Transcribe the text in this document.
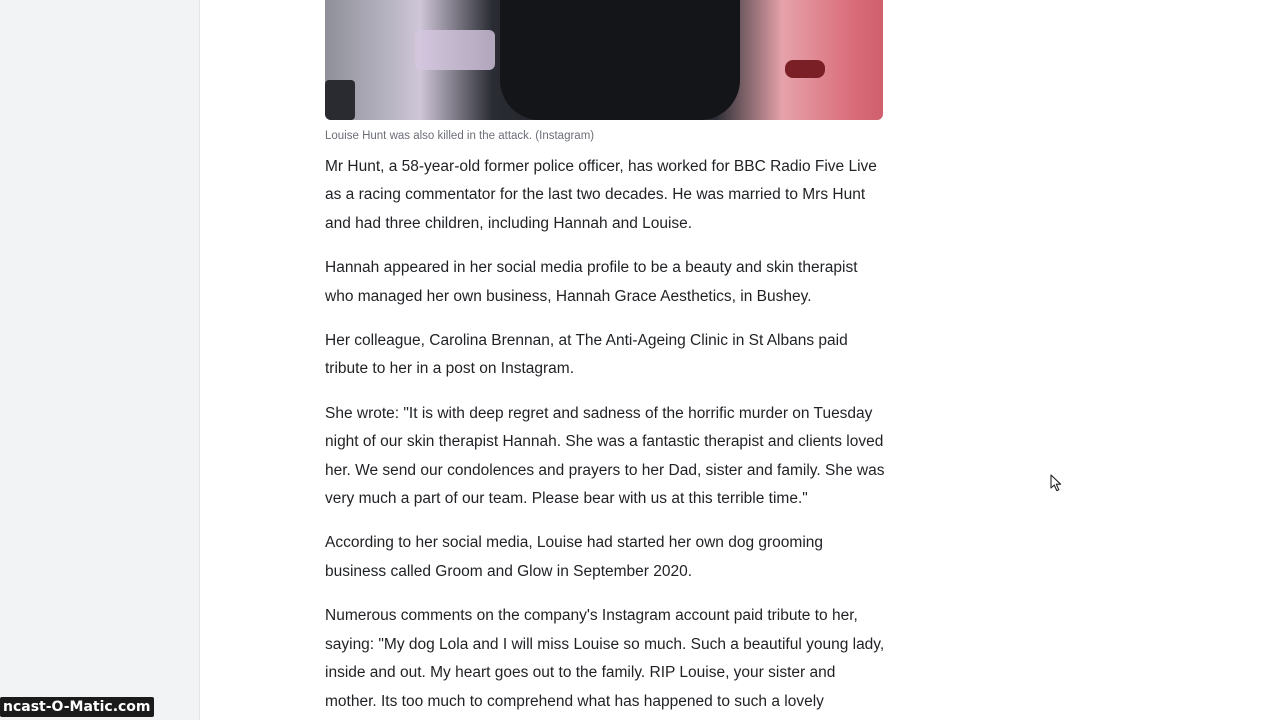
Louise Hunt was also killed in the attack. (Instagram)

Mr Hunt, a 58-year-old former police officer, has worked for BBC Radio Five Live as a racing commentator for the last two decades. He was married to Mrs Hunt and had three children, including Hannah and Louise.

Hannah appeared in her social media profile to be a beauty and skin therapist who managed her own business, Hannah Grace Aesthetics, in Bushey.

Her colleague, Carolina Brennan, at The Anti-Ageing Clinic in St Albans paid tribute to her in a post on Instagram.

She wrote: "It is with deep regret and sadness of the horrific murder on Tuesday night of our skin therapist Hannah. She was a fantastic therapist and clients loved her. We send our condolences and prayers to her Dad, sister and family. She was very much a part of our team. Please bear with us at this terrible time."

According to her social media, Louise had started her own dog grooming business called Groom and Glow in September 2020.

Numerous comments on the company's Instagram account paid tribute to her, saying: "My dog Lola and I will miss Louise so much. Such a beautiful young lady, inside and out. My heart goes out to the family. RIP Louise, your sister and mother. Its too much to comprehend what has happened to such a lovely

ncast-O-Matic.com
